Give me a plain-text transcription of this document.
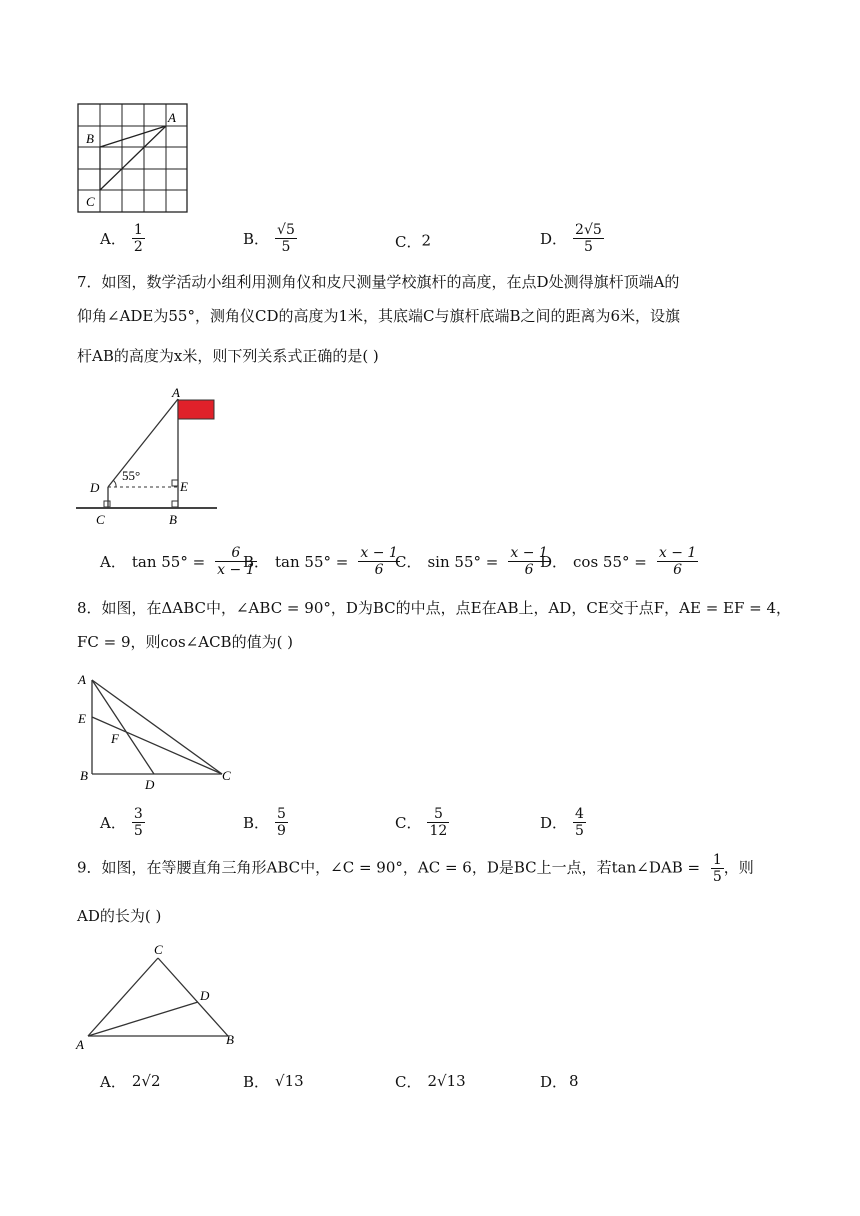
A
B
C
A． $\frac{1}{2}$	B． $\frac{√5}{5}$	C．2	D． $\frac{2√5}{5}$
7．如图，数学活动小组利用测角仪和皮尺测量学校旗杆的高度，在点D处测得旗杆顶端A的
仰角∠ADE为55°，测角仪CD的高度为1米，其底端C与旗杆底端B之间的距离为6米，设旗
杆AB的高度为x米，则下列关系式正确的是( )
55°
A
D	E
C	B
A． $\tan 55^\circ = \frac{6}{x - 1}$
B． $\tan 55^\circ = \frac{x - 1}{6}$
C． $\sin 55^\circ = \frac{x - 1}{6}$
D． $\cos 55^\circ = \frac{x - 1}{6}$
8．如图，在ΔABC中，∠ABC = 90°，D为BC的中点，点E在AB上，AD，CE交于点F，AE = EF = 4，
FC = 9，则cos∠ACB的值为( )
A
E
F
B
D
C
A． $\frac{3}{5}$	B． $\frac{5}{9}$	C． $\frac{5}{12}$	D． $\frac{4}{5}$
9．如图，在等腰直角三角形ABC中，∠C = 90°，AC = 6，D是BC上一点，若tan∠DAB = $\frac{1}{5}$ ，则
AD的长为( )
C
D
A	B
A． 2√2	B． √13	C． 2√13	D． 8
